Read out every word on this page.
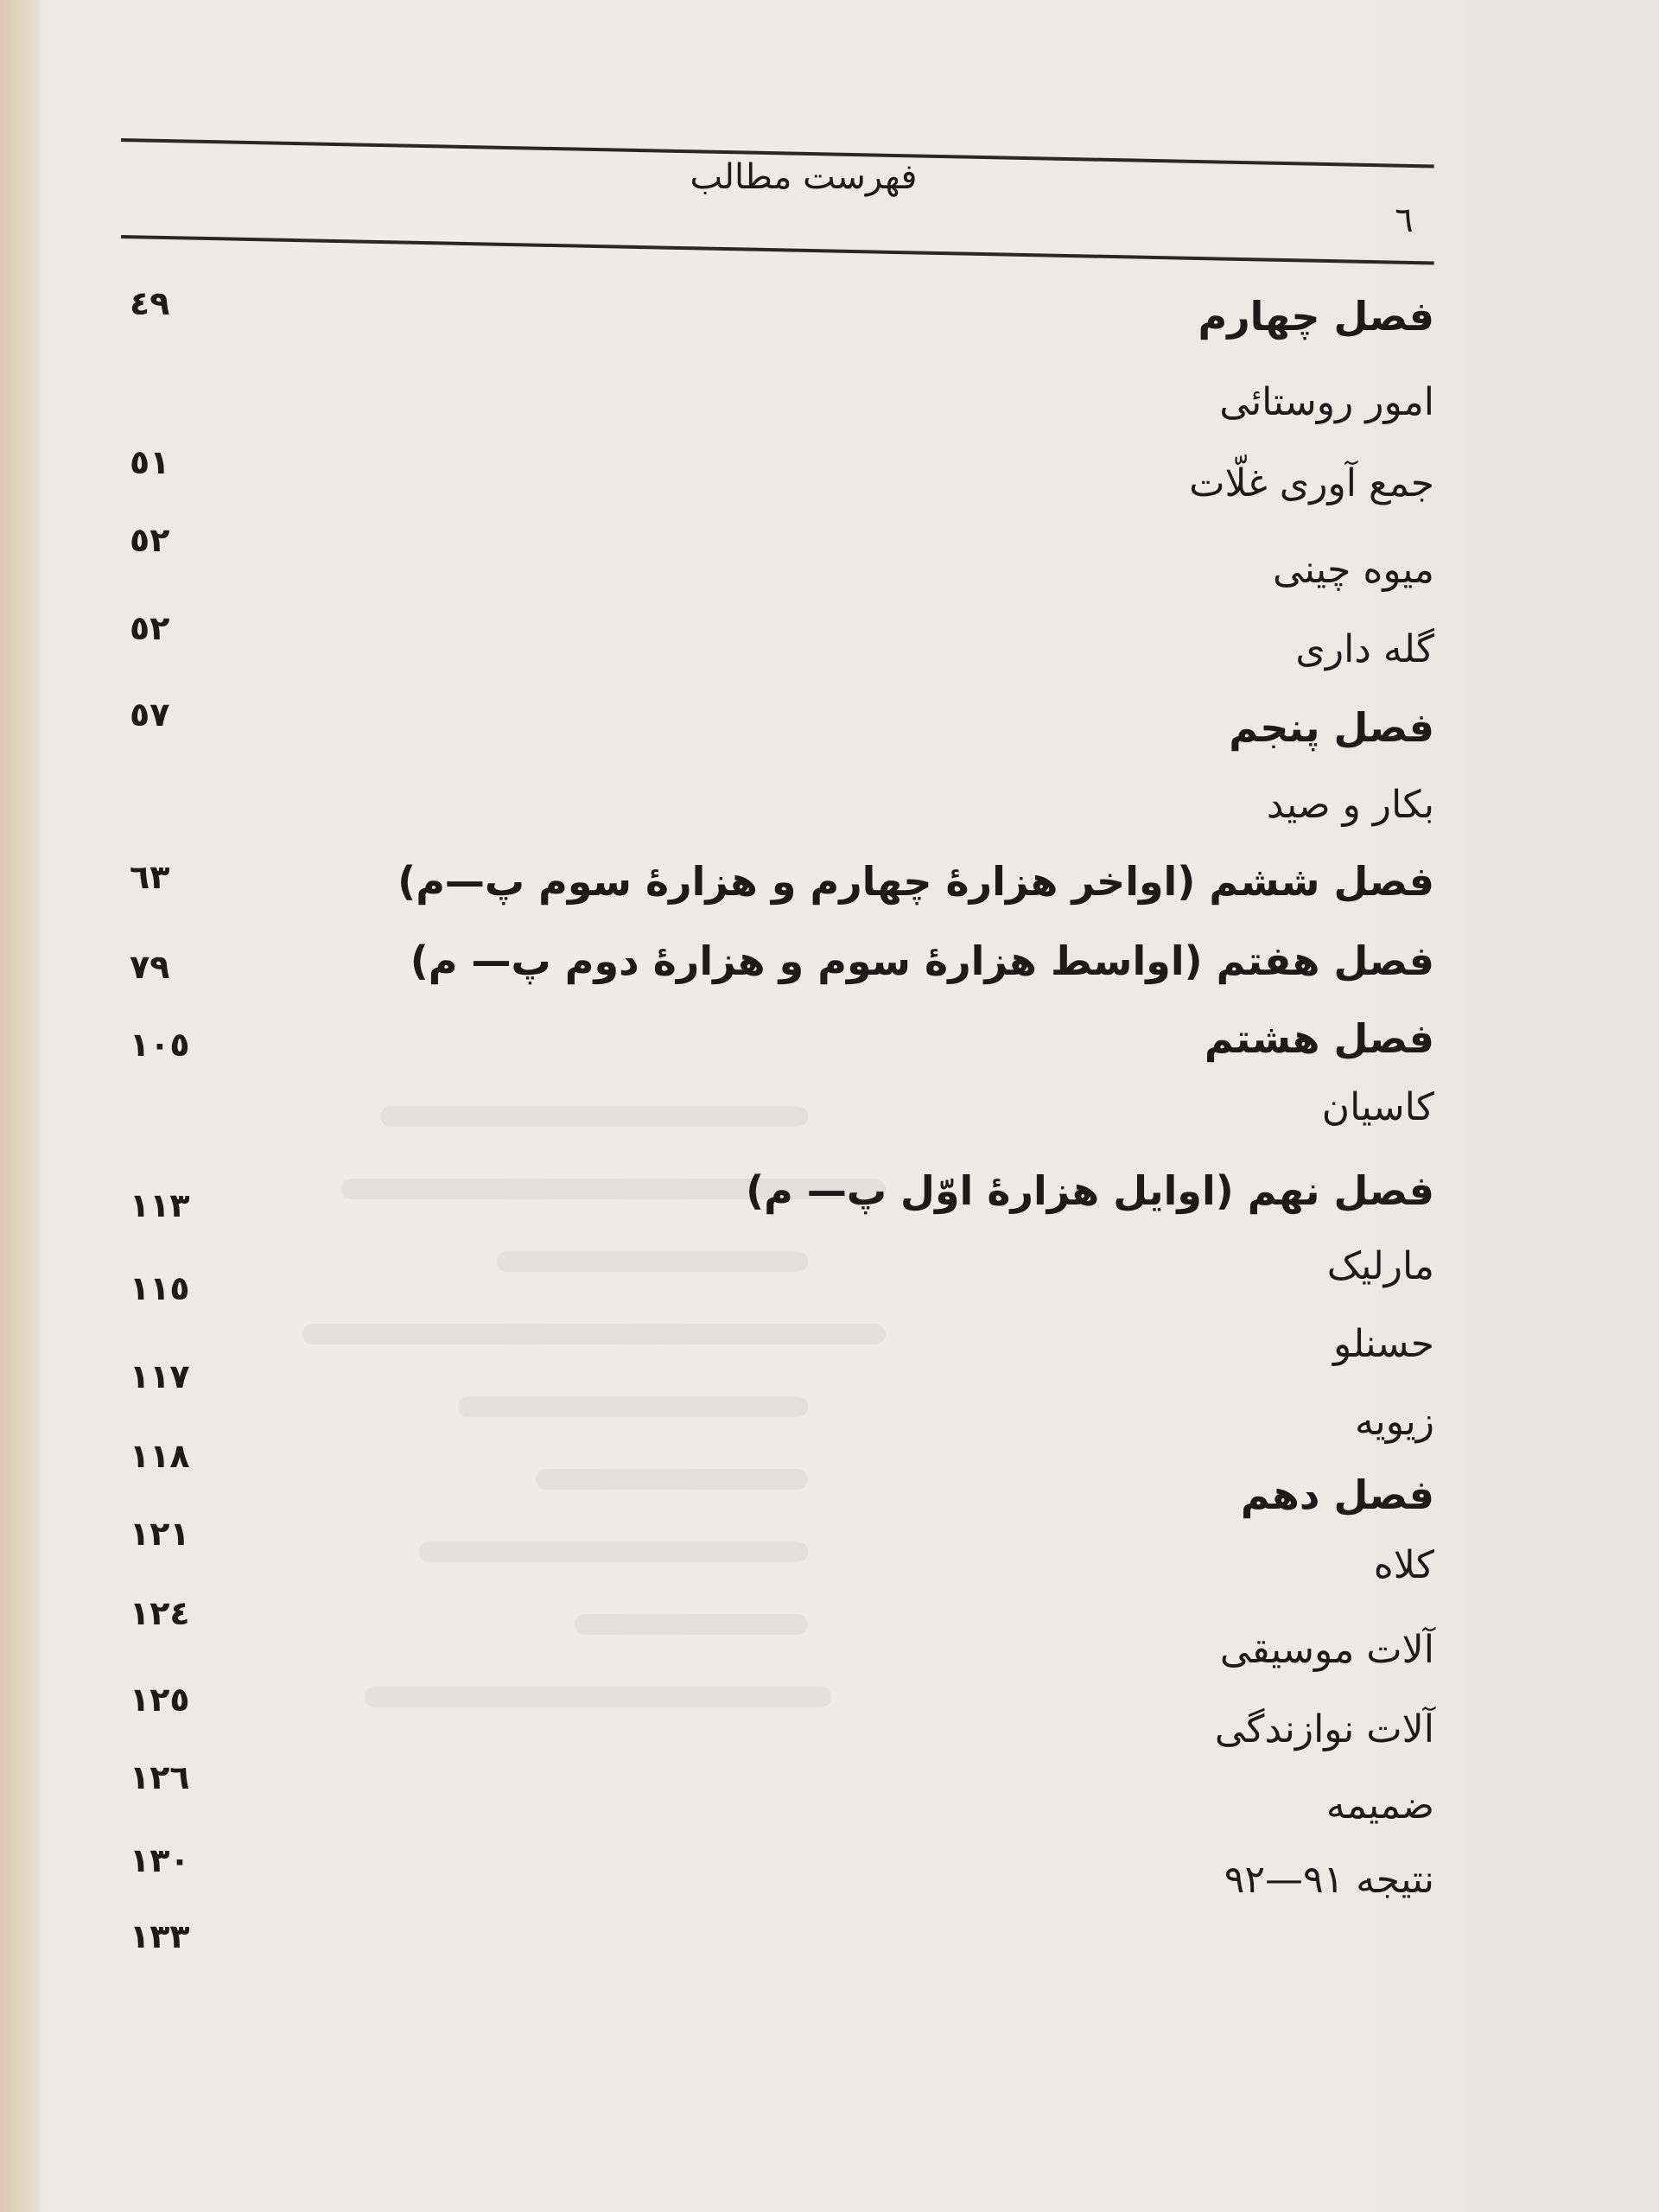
فهرست مطالب
٦
فصل چهارم
٤٩
امور روستائی
جمع آوری غلّات
٥١
میوه چینی
٥٢
گله داری
٥٢
فصل پنجم
٥٧
بکار و صید
فصل ششم (اواخر هزارهٔ چهارم و هزارهٔ سوم پ—م)
٦٣
فصل هفتم (اواسط هزارهٔ سوم و هزارهٔ دوم پ— م)
٧٩
فصل هشتم
١٠٥
کاسیان
فصل نهم (اوایل هزارهٔ اوّل پ— م)
١١٣
مارلیک
١١٥
حسنلو
١١٧
زیویه
١١٨
فصل دهم
١٢١
کلاه
١٢٤
آلات موسیقی
١٢٥
آلات نوازندگی
١٢٦
ضمیمه
١٣٠	نتیجه ٩١—٩٢
١٣٣
